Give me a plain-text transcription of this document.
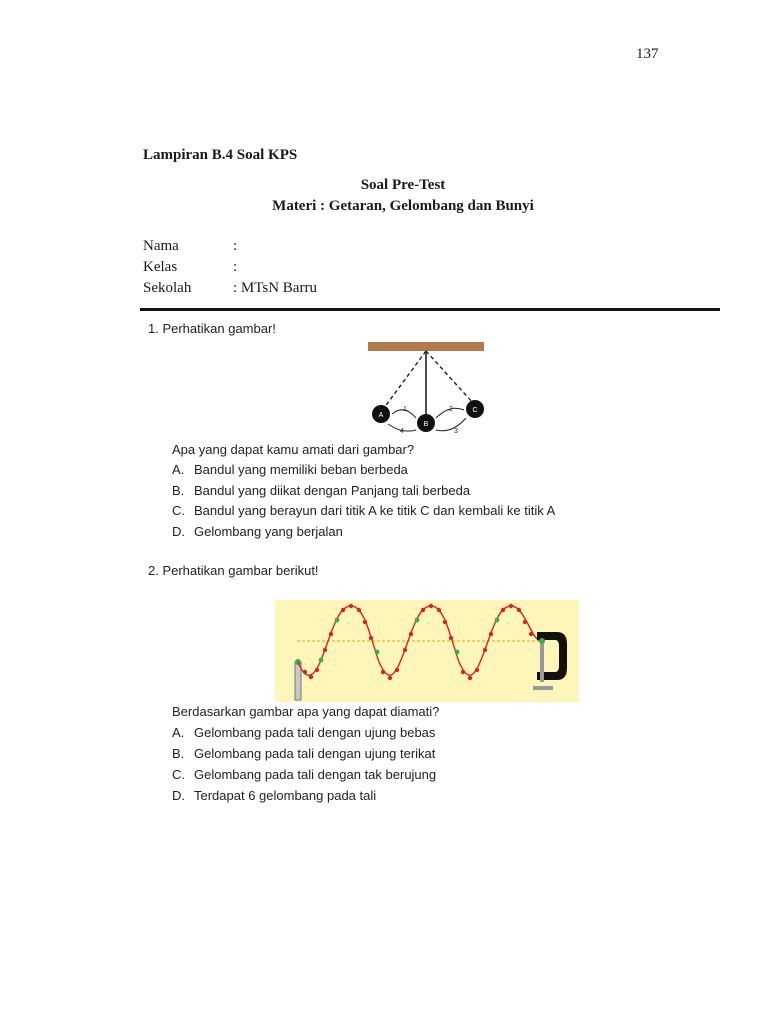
137
Lampiran B.4 Soal KPS
Soal Pre-Test
Materi : Getaran, Gelombang dan Bunyi
Nama	:
Kelas	:
Sekolah	: MTsN Barru
1. Perhatikan gambar!
A
B
C
1	2
3
4
Apa yang dapat kamu amati dari gambar?
A. Bandul yang memiliki beban berbeda
B. Bandul yang diikat dengan Panjang tali berbeda
C. Bandul yang berayun dari titik A ke titik C dan kembali ke titik A
D. Gelombang yang berjalan
2. Perhatikan gambar berikut!
Berdasarkan gambar apa yang dapat diamati?
A. Gelombang pada tali dengan ujung bebas
B. Gelombang pada tali dengan ujung terikat
C. Gelombang pada tali dengan tak berujung
D. Terdapat 6 gelombang pada tali
